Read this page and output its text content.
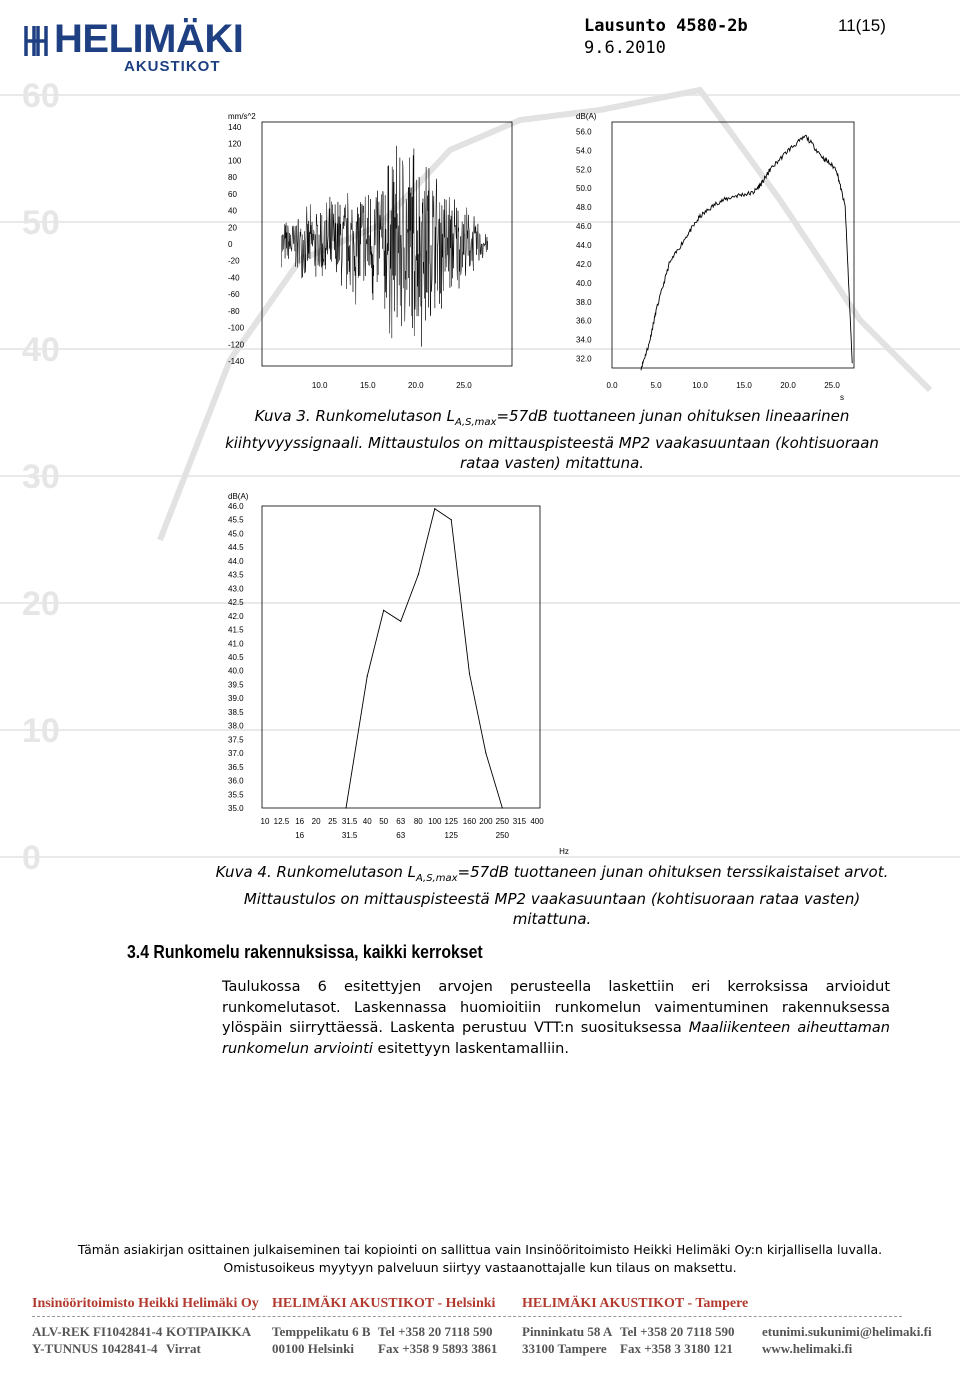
60
50
40
30
20
10
0
HELIMÄKI
AKUSTIKOT
Lausunto 4580-2b
9.6.2010
11(15)
mm/s^2
140
120
100
80
60
40
20
0
-20
-40
-60
-80
-100
-120
-140
10.0	15.0	20.0	25.0
dB(A)
56.0
54.0
52.0
50.0
48.0
46.0
44.0
42.0
40.0
38.0
36.0
34.0
32.0
0.0	5.0	10.0	15.0	20.0	25.0
s
Kuva 3. Runkomelutason $L_{A,S,max}=57dB$ tuottaneen junan ohituksen lineaarinen kiihtyvyyssignaali. Mittaustulos on mittauspisteestä MP2 vaakasuuntaan (kohtisuoraan rataa vasten) mitattuna.
dB(A)
46.0
45.5
45.0
44.5
44.0
43.5
43.0
42.5
42.0
41.5
41.0
40.5
40.0
39.5
39.0
38.5
38.0
37.5
37.0
36.5
36.0
35.5
35.0
10 12.5 16 20 25 31.5 40 50 63 80 100 125 160 200 250 315 400
16	31.5	63	125	250
Hz
Kuva 4. Runkomelutason $L_{A,S,max}=57dB$ tuottaneen junan ohituksen terssikaistaiset arvot. Mittaustulos on mittauspisteestä MP2 vaakasuuntaan (kohtisuoraan rataa vasten) mitattuna.
3.4 Runkomelu rakennuksissa, kaikki kerrokset
Taulukossa 6 esitettyjen arvojen perusteella laskettiin eri kerroksissa arvioidut runkomelutasot. Laskennassa huomioitiin runkomelun vaimentuminen rakennuksessa ylöspäin siirryttäessä. Laskenta perustuu VTT:n suosituksessa Maaliikenteen aiheuttaman runkomelun arviointi esitettyyn laskentamalliin.
Tämän asiakirjan osittainen julkaiseminen tai kopiointi on sallittua vain Insinööritoimisto Heikki Helimäki Oy:n kirjallisella luvalla.
Omistusoikeus myytyyn palveluun siirtyy vastaanottajalle kun tilaus on maksettu.
Insinööritoimisto Heikki Helimäki Oy HELIMÄKI AKUSTIKOT - Helsinki HELIMÄKI AKUSTIKOT - Tampere
ALV-REK FI1042841-4
Y-TUNNUS 1042841-4
KOTIPAIKKA
Virrat
Temppelikatu 6 B
00100 Helsinki
Tel +358 20 7118 590
Fax +358 9 5893 3861
Pinninkatu 58 A
33100 Tampere
Tel +358 20 7118 590
Fax +358 3 3180 121
etunimi.sukunimi@helimaki.fi
www.helimaki.fi
